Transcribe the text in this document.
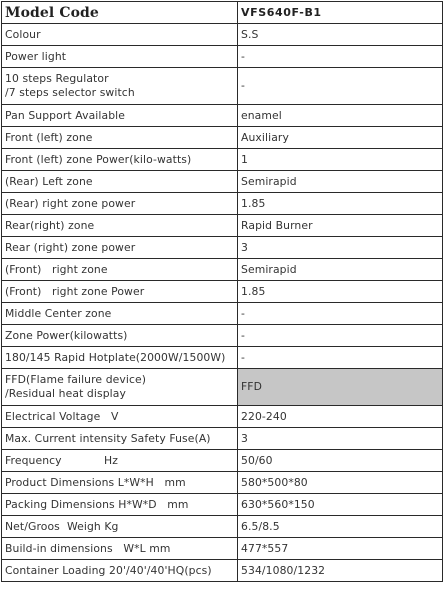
Model Code	VFS640F-B1
Colour	S.S
Power light	-

10 steps Regulator
/7 steps selector switch	-
Pan Support Available	enamel
Front (left) zone	Auxiliary
Front (left) zone Power(kilo-watts)	1
(Rear) Left zone	Semirapid
(Rear) right zone power	1.85
Rear(right) zone	Rapid Burner
Rear (right) zone power	3
(Front)   right zone	Semirapid
(Front)   right zone Power	1.85
Middle Center zone	-
Zone Power(kilowatts)	-
180/145 Rapid Hotplate(2000W/1500W)	-

FFD(Flame failure device)
/Residual heat display	FFD
Electrical Voltage   V	220-240
Max. Current intensity Safety Fuse(A)	3
Frequency            Hz	50/60
Product Dimensions L*W*H   mm	580*500*80
Packing Dimensions H*W*D   mm	630*560*150
Net/Groos  Weigh Kg	6.5/8.5
Build-in dimensions   W*L mm	477*557
Container Loading 20'/40'/40'HQ(pcs)	534/1080/1232
